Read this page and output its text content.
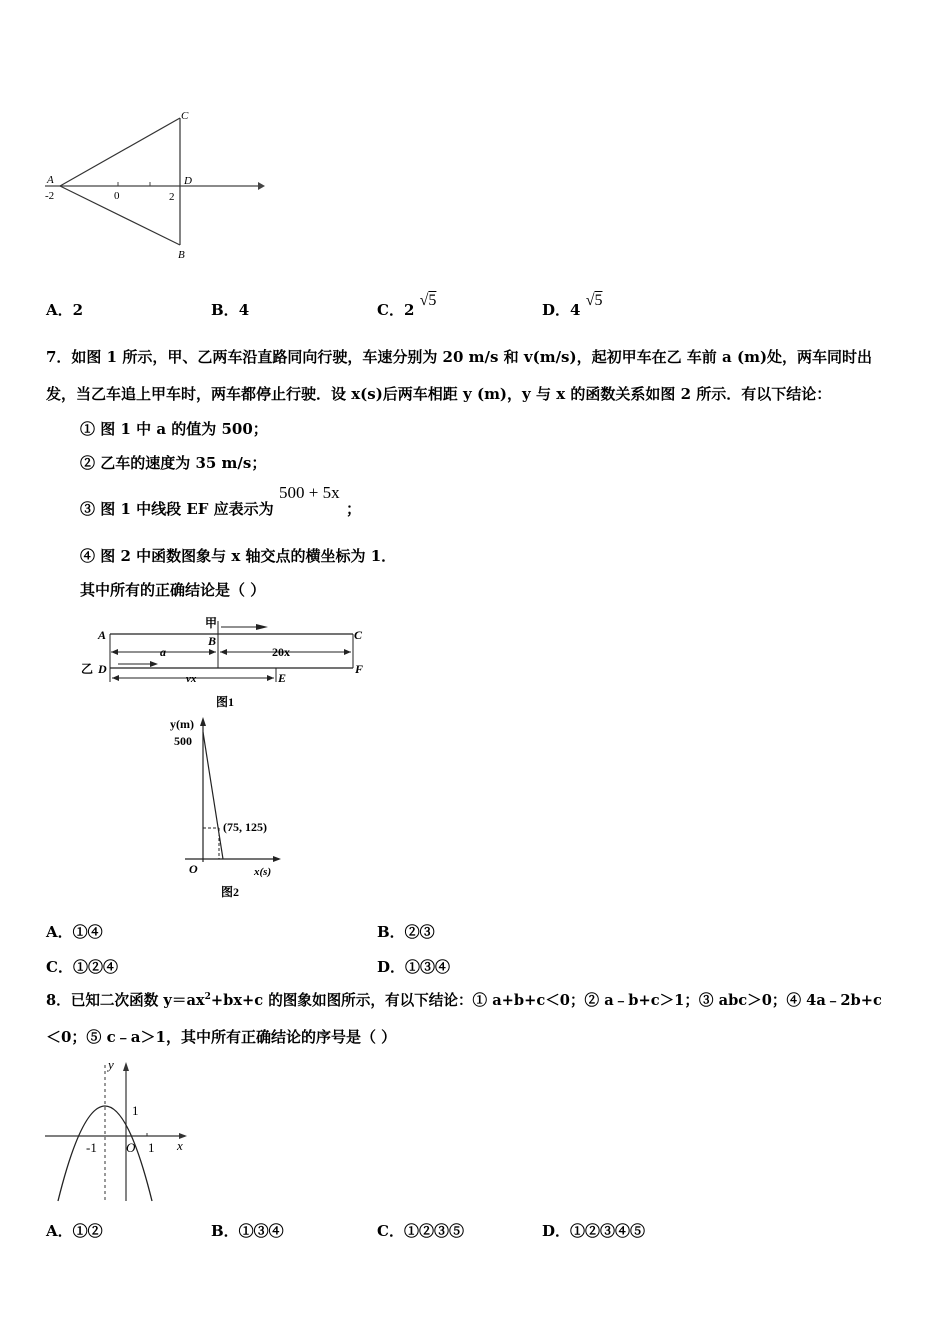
A
-2	0	2
D
C
B
A．2	B．4	C．2 √5
D．4 √5
7．如图 1 所示，甲、乙两车沿直路同向行驶，车速分别为 20 m/s 和 v(m/s)，起初甲车在乙 车前 a (m)处，两车同时出
发，当乙车追上甲车时，两车都停止行驶．设 x(s)后两车相距 y (m)，y 与 x 的函数关系如图 2 所示．有以下结论：
① 图 1 中 a 的值为 500；
② 乙车的速度为 35 m/s；
③ 图 1 中线段 EF 应表示为
500 + 5x
；
④ 图 2 中函数图象与 x 轴交点的横坐标为 1．
其中所有的正确结论是（ ）
甲
A	B	C
乙 D
a	20x
F
vx	E
图1
y(m)
500
(75, 125)
O	x(s)
图2
A．①④	B．②③
C．①②④	D．①③④
8．已知二次函数 $y=ax^2+bx+c$ 的图象如图所示，有以下结论：① a+b+c＜0；② a﹣b+c＞1；③ abc＞0；④ 4a﹣2b+c
＜0；⑤ c﹣a＞1，其中所有正确结论的序号是（ ）
y
1
-1 O 1 x
A．①②	B．①③④	C．①②③⑤	D．①②③④⑤
